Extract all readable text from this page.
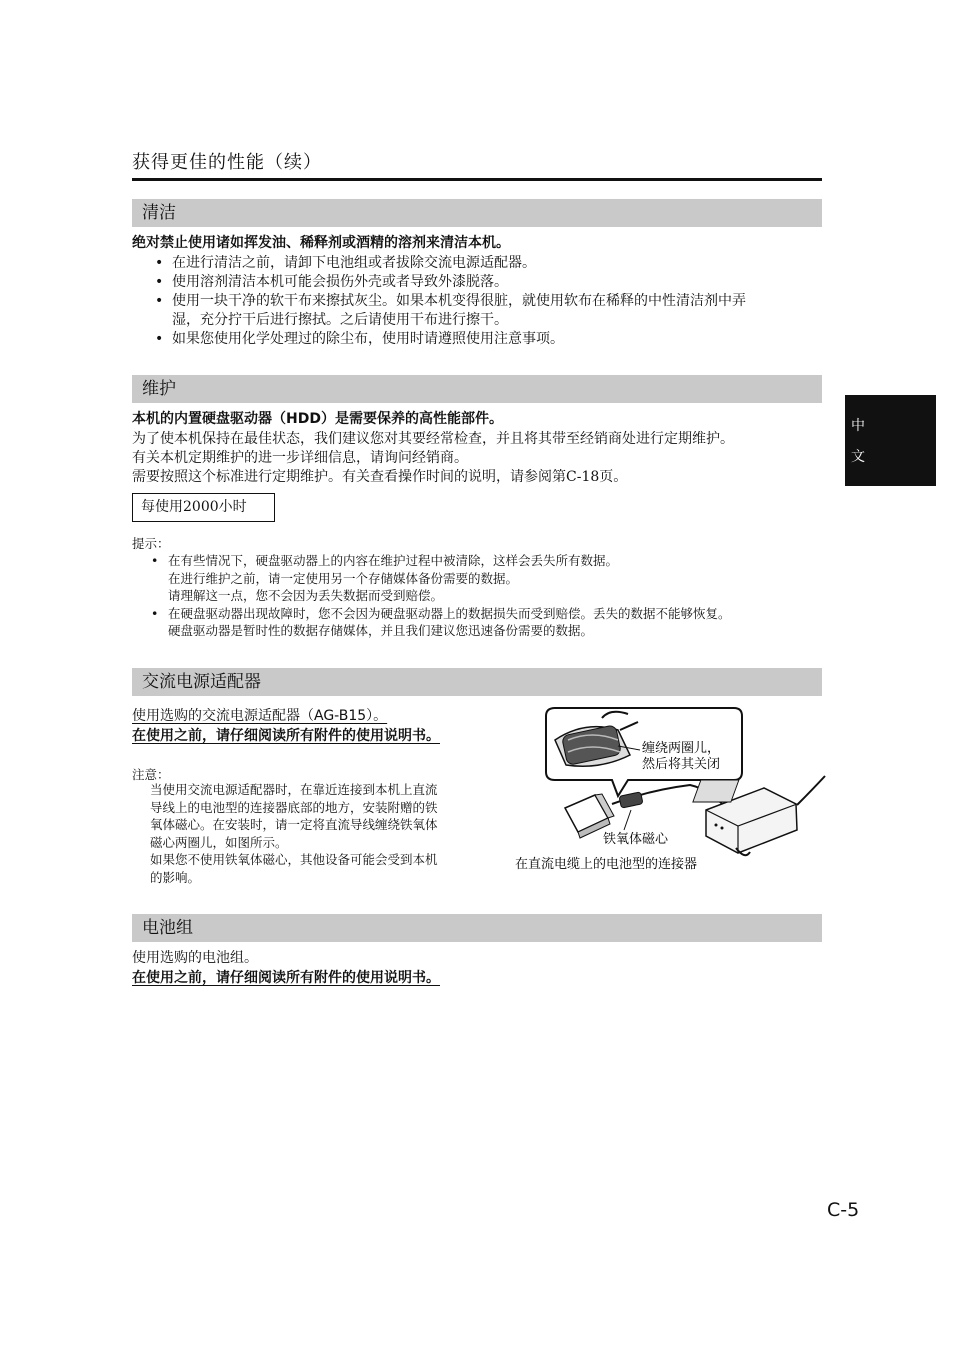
获得更佳的性能（续）
中
文
清洁
绝对禁止使用诸如挥发油、稀释剂或酒精的溶剂来清洁本机。
• 在进行清洁之前，请卸下电池组或者拔除交流电源适配器。
• 使用溶剂清洁本机可能会损伤外壳或者导致外漆脱落。
• 使用一块干净的软干布来擦拭灰尘。如果本机变得很脏，就使用软布在稀释的中性清洁剂中弄
湿，充分拧干后进行擦拭。之后请使用干布进行擦干。
• 如果您使用化学处理过的除尘布，使用时请遵照使用注意事项。
维护
本机的内置硬盘驱动器（HDD）是需要保养的高性能部件。
为了使本机保持在最佳状态，我们建议您对其要经常检查，并且将其带至经销商处进行定期维护。
有关本机定期维护的进一步详细信息，请询问经销商。
需要按照这个标准进行定期维护。有关查看操作时间的说明，请参阅第C-18页。
每使用2000小时
提示：
• 在有些情况下，硬盘驱动器上的内容在维护过程中被清除，这样会丢失所有数据。
在进行维护之前，请一定使用另一个存储媒体备份需要的数据。
请理解这一点，您不会因为丢失数据而受到赔偿。
• 在硬盘驱动器出现故障时，您不会因为硬盘驱动器上的数据损失而受到赔偿。丢失的数据不能够恢复。
硬盘驱动器是暂时性的数据存储媒体，并且我们建议您迅速备份需要的数据。
交流电源适配器
使用选购的交流电源适配器（AG-B15）。
在使用之前，请仔细阅读所有附件的使用说明书。
注意：
当使用交流电源适配器时，在靠近连接到本机上直流
导线上的电池型的连接器底部的地方，安装附赠的铁
氧体磁心。在安装时，请一定将直流导线缠绕铁氧体
磁心两圈儿，如图所示。
如果您不使用铁氧体磁心，其他设备可能会受到本机
的影响。
缠绕两圈儿，
然后将其关闭
铁氧体磁心
在直流电缆上的电池型的连接器
电池组
使用选购的电池组。
在使用之前，请仔细阅读所有附件的使用说明书。
C-5
